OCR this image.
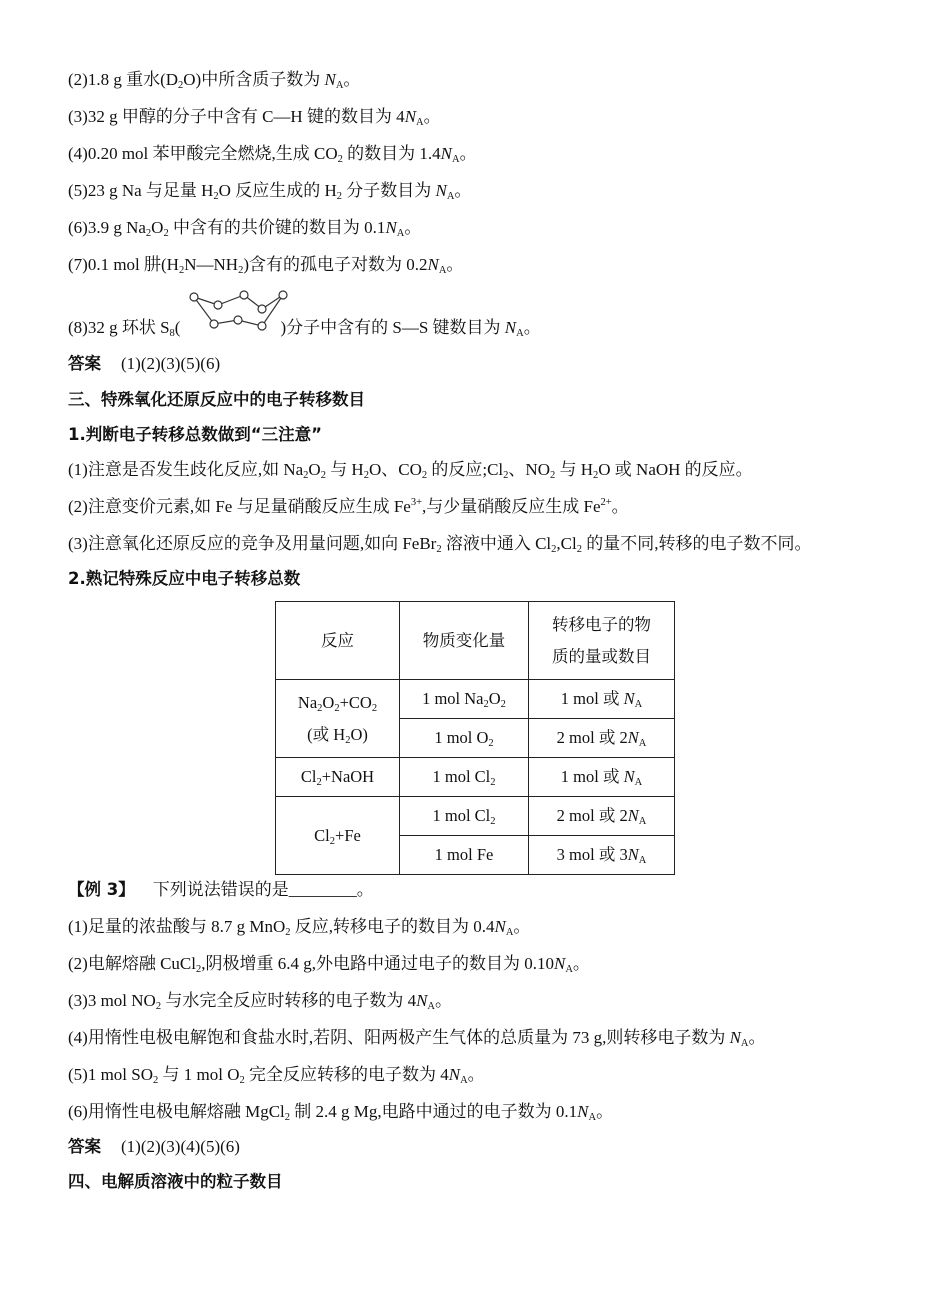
(2)1.8 g 重水$(D_2O)$中所含质子数为 $N_A$。
(3)32 g 甲醇的分子中含有 C—H 键的数目为 $4N_A$。
(4)0.20 mol 苯甲酸完全燃烧,生成 $CO_2$ 的数目为 $1.4N_A$。
(5)23 g Na 与足量 $H_2O$ 反应生成的 $H_2$ 分子数目为 $N_A$。
(6)3.9 g $Na_2O_2$ 中含有的共价键的数目为 $0.1N_A$。
(7)0.1 mol 肼$(H_2N—NH_2)$含有的孤电子对数为 $0.2N_A$。
(8)32 g 环状 $S_8$(	)分子中含有的 S—S 键数目为 $N_A$。
答案 (1)(2)(3)(5)(6)
三、特殊氧化还原反应中的电子转移数目
1.判断电子转移总数做到“三注意”
(1)注意是否发生歧化反应,如 $Na_2O_2$ 与 $H_2O$、$CO_2$ 的反应$;Cl_2$、$NO_2$ 与 $H_2O$ 或 NaOH 的反应。
(2)注意变价元素,如 Fe 与足量硝酸反应生成 $Fe^{3+}$,与少量硝酸反应生成 $Fe^{2+}$。
(3)注意氧化还原反应的竞争及用量问题,如向 FeBr$_2$ 溶液中通入 $Cl_2,Cl_2$ 的量不同,转移的电子数不同。
2.熟记特殊反应中电子转移总数
反应	物质变化量	转移电子的物
质的量或数目

$Na_2O_2+CO_2$
(或 $H_2O$)	1 mol $Na_2O_2$	1 mol 或 $N_A$
	1 mol $O_2$	2 mol 或 $2N_A$
$Cl_2+NaOH$	1 mol $Cl_2$	1 mol 或 $N_A$
$Cl_2+Fe$	1 mol $Cl_2$	2 mol 或 $2N_A$
	1 mol Fe	3 mol 或 $3N_A$
【例 3】 下列说法错误的是________。
(1)足量的浓盐酸与 8.7 g MnO$_2$ 反应,转移电子的数目为 $0.4N_A$。
(2)电解熔融 CuCl$_2$,阴极增重 6.4 g,外电路中通过电子的数目为 $0.10N_A$。
(3)3 mol $NO_2$ 与水完全反应时转移的电子数为 $4N_A$。
(4)用惰性电极电解饱和食盐水时,若阴、阳两极产生气体的总质量为 73 g,则转移电子数为 $N_A$。
(5)1 mol $SO_2$ 与 1 mol $O_2$ 完全反应转移的电子数为 $4N_A$。
(6)用惰性电极电解熔融 MgCl$_2$ 制 2.4 g Mg,电路中通过的电子数为 $0.1N_A$。
答案 (1)(2)(3)(4)(5)(6)
四、电解质溶液中的粒子数目
